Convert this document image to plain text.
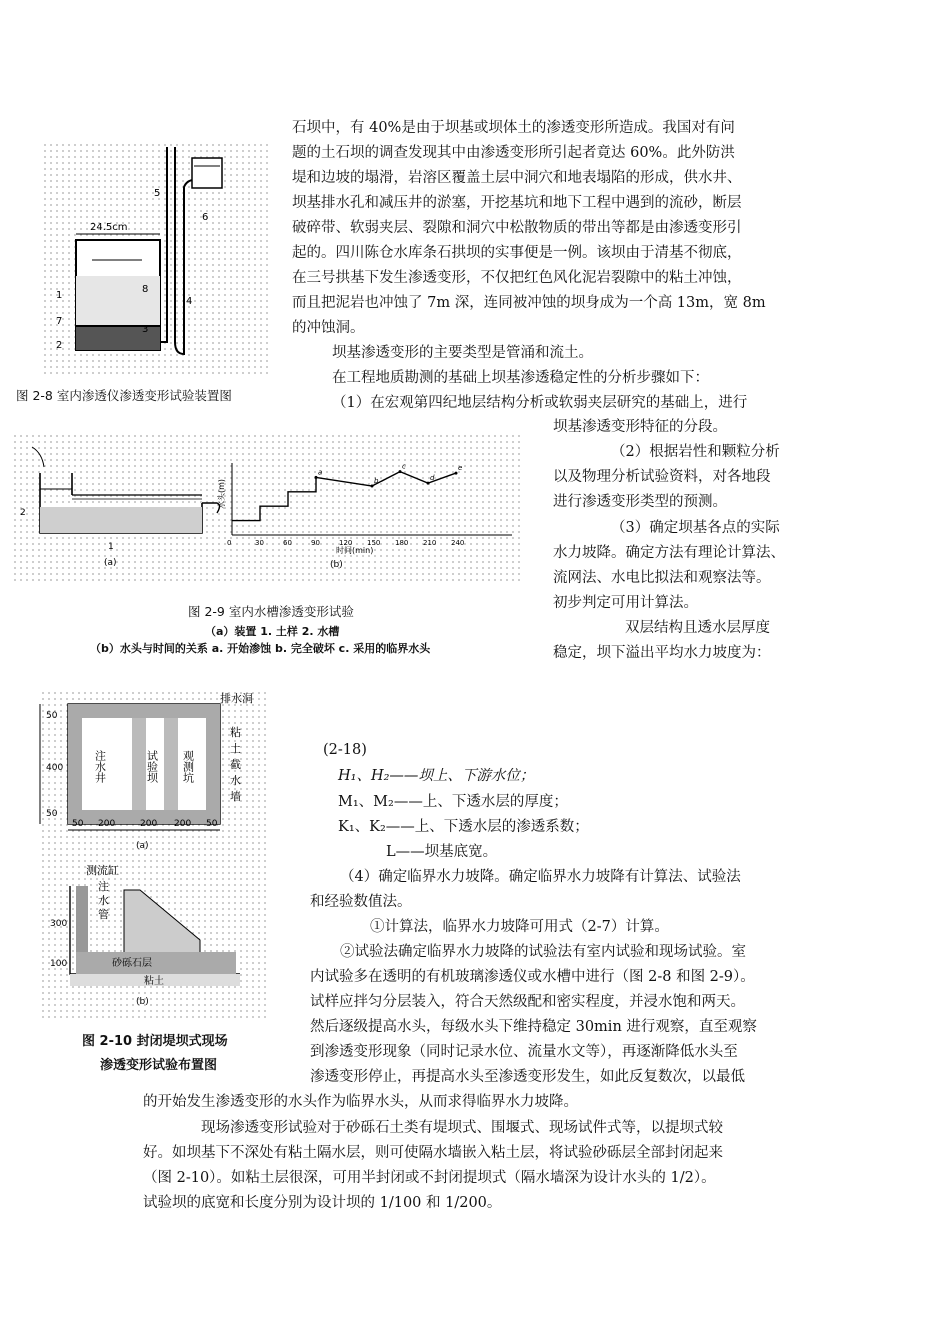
24.5cm
1
2
3
4
5
6
7
8
图 2-8 室内渗透仪渗透变形试验装置图
石坝中，有 40%是由于坝基或坝体土的渗透变形所造成。我国对有问
题的土石坝的调查发现其中由渗透变形所引起者竟达 60%。此外防洪
堤和边坡的塌滑，岩溶区覆盖土层中洞穴和地表塌陷的形成，供水井、
坝基排水孔和减压井的淤塞，开挖基坑和地下工程中遇到的流砂，断层
破碎带、软弱夹层、裂隙和洞穴中松散物质的带出等都是由渗透变形引
起的。四川陈仓水库条石拱坝的实事便是一例。该坝由于清基不彻底，
在三号拱基下发生渗透变形，不仅把红色风化泥岩裂隙中的粘土冲蚀，
而且把泥岩也冲蚀了 7m 深，连同被冲蚀的坝身成为一个高 13m，宽 8m
的冲蚀洞。
坝基渗透变形的主要类型是管涌和流土。
在工程地质勘测的基础上坝基渗透稳定性的分析步骤如下：
（1）在宏观第四纪地层结构分析或软弱夹层研究的基础上，进行
坝基渗透变形特征的分段。
2
1
(a)
水头(m)
时间(min)
(b)
0	30	60	90	120 150 180 210 240
a
b
c
d
e
图 2-9 室内水槽渗透变形试验
（a）装置 1. 土样 2. 水槽
（b）水头与时间的关系 a. 开始渗蚀 b. 完全破坏 c. 采用的临界水头
（2）根据岩性和颗粒分析
以及物理分析试验资料，对各地段
进行渗透变形类型的预测。
（3）确定坝基各点的实际
水力坡降。确定方法有理论计算法、
流网法、水电比拟法和观察法等。
初步判定可用计算法。
双层结构且透水层厚度
稳定，坝下溢出平均水力坡度为：
50
400
50
注水井	试验坝 观测坑
排水洞
粘
土
截
水
墙
50 200	200 200 50
(a)
测流缸
注
水
管
300
100	砂砾石层
粘土
(b)
图 2-10 封闭堤坝式现场
渗透变形试验布置图
(2-18)
H₁、H₂——坝上、下游水位；
M₁、M₂——上、下透水层的厚度；
K₁、K₂——上、下透水层的渗透系数；
L——坝基底宽。
（4）确定临界水力坡降。确定临界水力坡降有计算法、试验法
和经验数值法。
①计算法，临界水力坡降可用式（2-7）计算。
②试验法确定临界水力坡降的试验法有室内试验和现场试验。室
内试验多在透明的有机玻璃渗透仪或水槽中进行（图 2-8 和图 2-9）。
试样应拌匀分层装入，符合天然级配和密实程度，并浸水饱和两天。
然后逐级提高水头，每级水头下维持稳定 30min 进行观察，直至观察
到渗透变形现象（同时记录水位、流量水文等），再逐渐降低水头至
渗透变形停止，再提高水头至渗透变形发生，如此反复数次，以最低
的开始发生渗透变形的水头作为临界水头，从而求得临界水力坡降。
现场渗透变形试验对于砂砾石土类有堤坝式、围堰式、现场试件式等，以提坝式较
好。如坝基下不深处有粘土隔水层，则可使隔水墙嵌入粘土层，将试验砂砾层全部封闭起来
（图 2-10）。如粘土层很深，可用半封闭或不封闭提坝式（隔水墙深为设计水头的 1/2）。
试验坝的底宽和长度分别为设计坝的 1/100 和 1/200。
